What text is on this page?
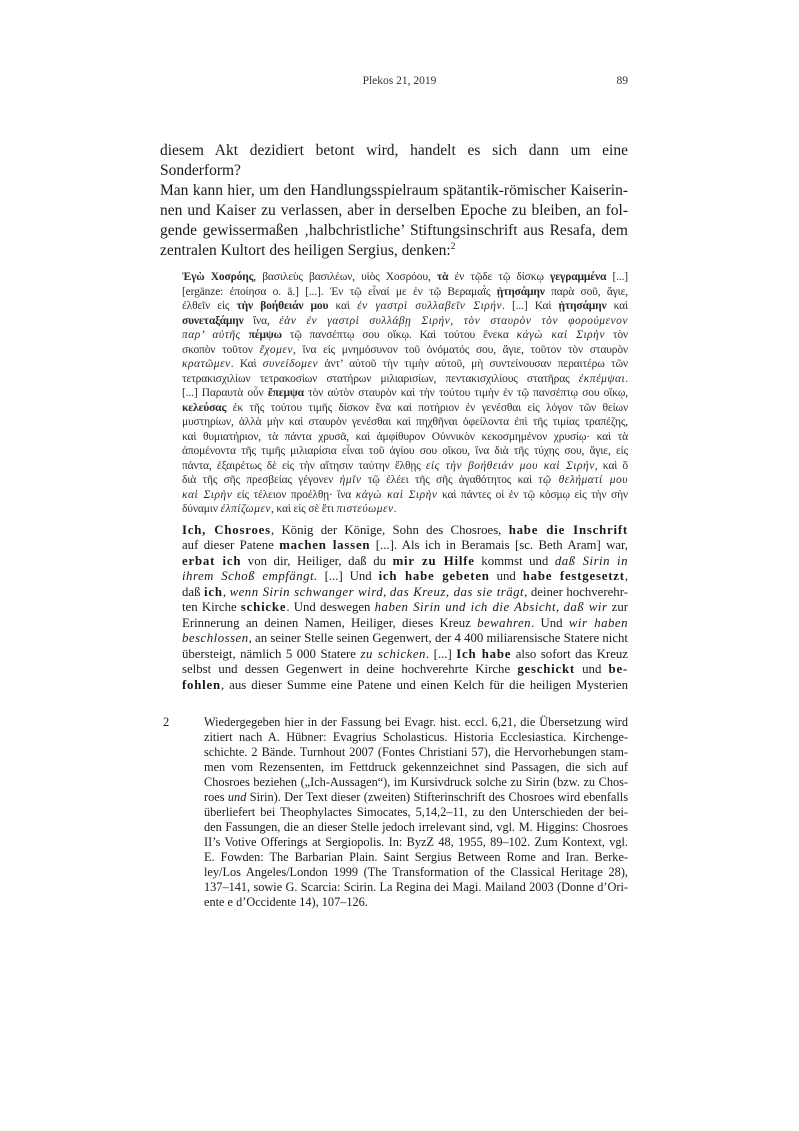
Plekos 21, 2019	89
diesem Akt dezidiert betont wird, handelt es sich dann um eine Sonderform?
Man kann hier, um den Handlungsspielraum spätantik-römischer Kaiserin-
nen und Kaiser zu verlassen, aber in derselben Epoche zu bleiben, an fol-
gende gewissermaßen ‚halbchristliche’ Stiftungsinschrift aus Resafa, dem
zentralen Kultort des heiligen Sergius, denken:$^2$
Ἐγὼ Χοσρόης, βασιλεὺς βασιλέων, υἱὸς Χοσρόου, τὰ ἐν τῷδε τῷ δίσκῳ γεγραμμένα [...]
[ergänze: ἐποίησα o. ä.] [...]. Ἐν τῷ εἶναί με ἐν τῷ Βεραμαῒς ᾐτησάμην παρὰ σοῦ, ἅγιε,
ἐλθεῖν εἰς τὴν βοήθειάν μου καὶ ἐν γαστρὶ συλλαβεῖν Σιρήν. [...] Καὶ ᾐτησάμην καὶ
συνεταξάμην ἵνα, ἐὰν ἐν γαστρὶ συλλάβῃ Σιρήν, τὸν σταυρὸν τὸν φορούμενον
παρ’ αὐτῆς πέμψω τῷ πανσέπτῳ σου οἴκῳ. Καὶ τούτου ἕνεκα κἀγὼ καὶ Σιρὴν τὸν
σκοπὸν τοῦτον ἔχομεν, ἵνα εἰς μνημόσυνον τοῦ ὀνόματός σου, ἅγιε, τοῦτον τὸν σταυρὸν
κρατῶμεν. Καὶ συνείδομεν ἀντ’ αὐτοῦ τὴν τιμὴν αὐτοῦ, μὴ συντείνουσαν περαιτέρω τῶν
τετρακισχιλίων τετρακοσίων στατήρων μιλιαρισίων, πεντακισχιλίους στατῆρας ἐκπέμψαι.
[...] Παραυτὰ οὖν ἔπεμψα τὸν αὐτὸν σταυρὸν καὶ τὴν τούτου τιμὴν ἐν τῷ πανσέπτῳ σου οἴκῳ,
κελεύσας ἐκ τῆς τούτου τιμῆς δίσκον ἕνα καὶ ποτήριον ἐν γενέσθαι εἰς λόγον τῶν θείων
μυστηρίων, ἀλλὰ μὴν καὶ σταυρὸν γενέσθαι καὶ πηχθῆναι ὀφείλοντα ἐπὶ τῆς τιμίας τραπέζης,
καὶ θυμιατήριον, τὰ πάντα χρυσᾶ, καὶ ἀμφίθυρον Οὐννικὸν κεκοσμημένον χρυσίῳ· καὶ τὰ
ἀπομένοντα τῆς τιμῆς μιλιαρίσια εἶναι τοῦ ἁγίου σου οἴκου, ἵνα διὰ τῆς τύχης σου, ἅγιε, εἰς
πάντα, ἐξαιρέτως δὲ εἰς τὴν αἴτησιν ταύτην ἔλθῃς εἰς τὴν βοήθειάν μου καὶ Σιρήν, καὶ ὃ
διὰ τῆς σῆς πρεσβείας γέγονεν ἡμῖν τῷ ἐλέει τῆς σῆς ἀγαθότητος καὶ τῷ θελήματί μου
καὶ Σιρὴν εἰς τέλειον προέλθῃ· ἵνα κἀγὼ καὶ Σιρὴν καὶ πάντες οἱ ἐν τῷ κόσμῳ εἰς τὴν σὴν
δύναμιν ἐλπίζωμεν, καὶ εἰς σὲ ἔτι πιστεύωμεν.
Ich, Chosroes, König der Könige, Sohn des Chosroes, habe die Inschrift
auf dieser Patene machen lassen [...]. Als ich in Beramais [sc. Beth Aram] war,
erbat ich von dir, Heiliger, daß du mir zu Hilfe kommst und daß Sirin in
ihrem Schoß empfängt. [...] Und ich habe gebeten und habe festgesetzt,
daß ich, wenn Sirin schwanger wird, das Kreuz, das sie trägt, deiner hochverehr-
ten Kirche schicke. Und deswegen haben Sirin und ich die Absicht, daß wir zur
Erinnerung an deinen Namen, Heiliger, dieses Kreuz bewahren. Und wir haben
beschlossen, an seiner Stelle seinen Gegenwert, der 4 400 miliarensische Statere nicht
übersteigt, nämlich 5 000 Statere zu schicken. [...] Ich habe also sofort das Kreuz
selbst und dessen Gegenwert in deine hochverehrte Kirche geschickt und be-
fohlen, aus dieser Summe eine Patene und einen Kelch für die heiligen Mysterien
2	Wiedergegeben hier in der Fassung bei Evagr. hist. eccl. 6,21, die Übersetzung wird
zitiert nach A. Hübner: Evagrius Scholasticus. Historia Ecclesiastica. Kirchenge-
schichte. 2 Bände. Turnhout 2007 (Fontes Christiani 57), die Hervorhebungen stam-
men vom Rezensenten, im Fettdruck gekennzeichnet sind Passagen, die sich auf
Chosroes beziehen („Ich-Aussagen“), im Kursivdruck solche zu Sirin (bzw. zu Chos-
roes und Sirin). Der Text dieser (zweiten) Stifterinschrift des Chosroes wird ebenfalls
überliefert bei Theophylactes Simocates, 5,14,2–11, zu den Unterschieden der bei-
den Fassungen, die an dieser Stelle jedoch irrelevant sind, vgl. M. Higgins: Chosroes
II’s Votive Offerings at Sergiopolis. In: ByzZ 48, 1955, 89–102. Zum Kontext, vgl.
E. Fowden: The Barbarian Plain. Saint Sergius Between Rome and Iran. Berke-
ley/Los Angeles/London 1999 (The Transformation of the Classical Heritage 28),
137–141, sowie G. Scarcia: Scirin. La Regina dei Magi. Mailand 2003 (Donne d’Ori-
ente e d’Occidente 14), 107–126.
